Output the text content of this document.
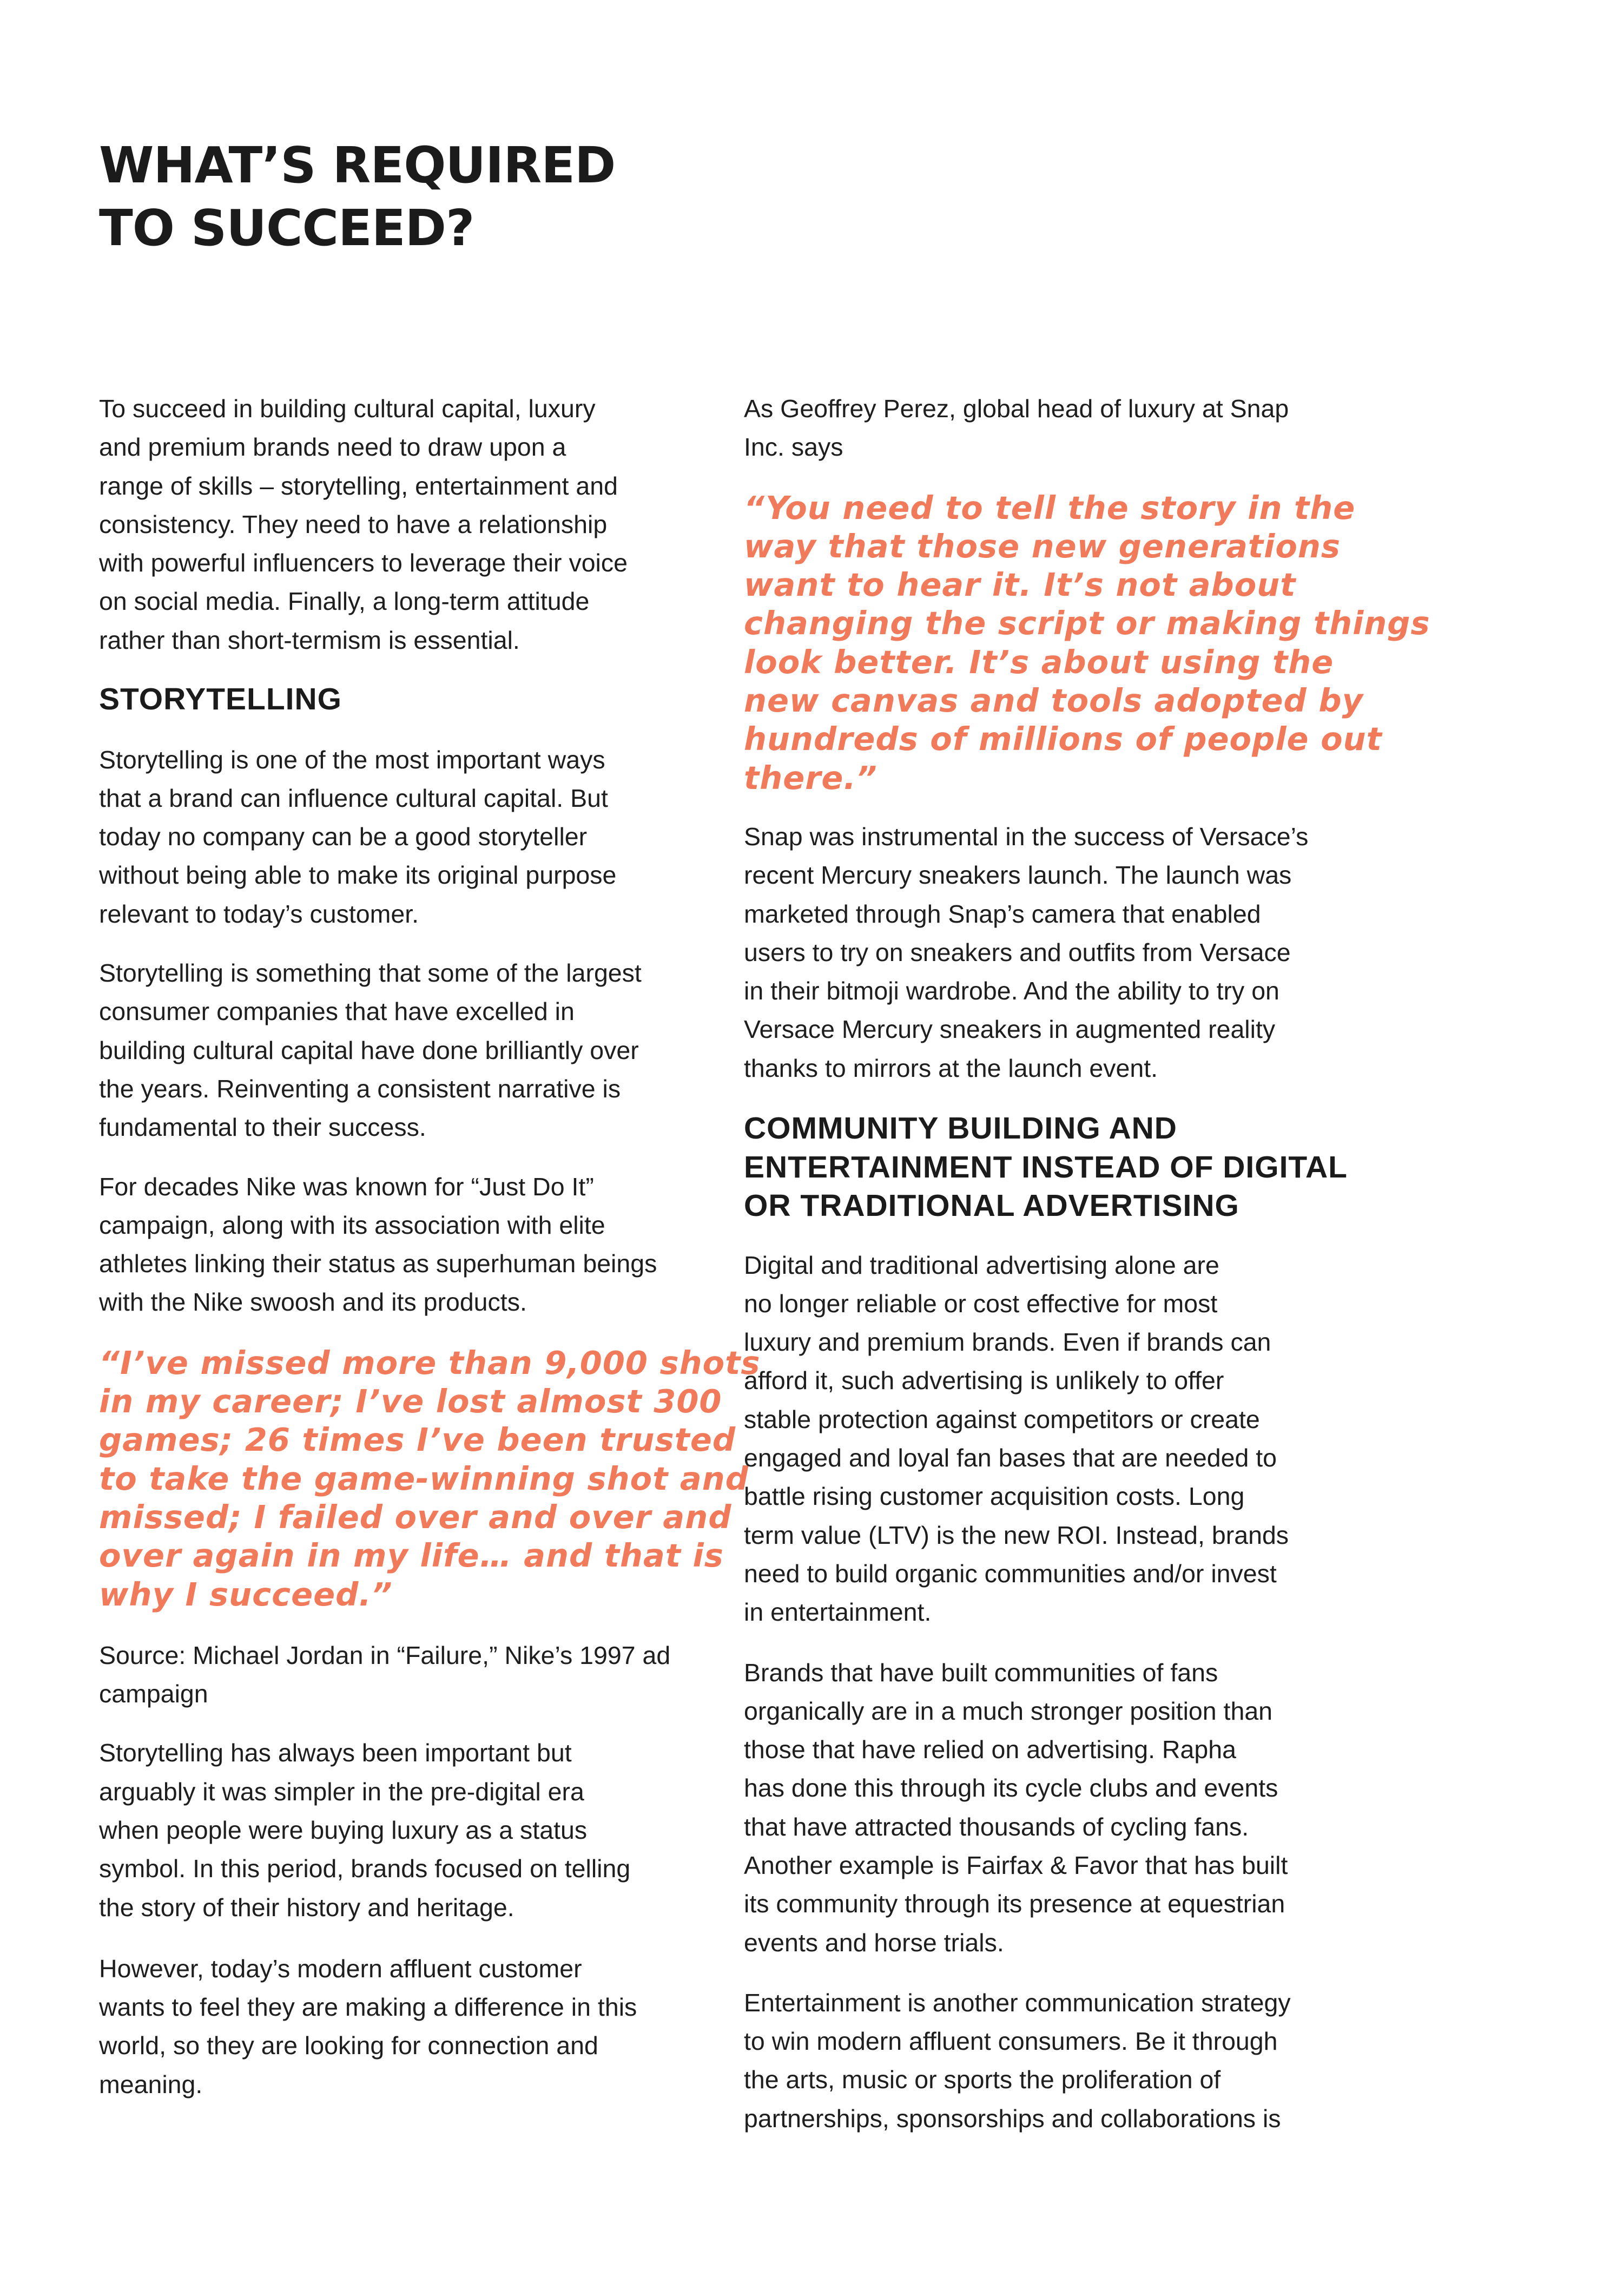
WHAT’S REQUIRED
TO SUCCEED?

To succeed in building cultural capital, luxury
and premium brands need to draw upon a
range of skills – storytelling, entertainment and
consistency. They need to have a relationship
with powerful influencers to leverage their voice
on social media. Finally, a long-term attitude
rather than short-termism is essential.

STORYTELLING

Storytelling is one of the most important ways
that a brand can influence cultural capital. But
today no company can be a good storyteller
without being able to make its original purpose
relevant to today’s customer.

Storytelling is something that some of the largest
consumer companies that have excelled in
building cultural capital have done brilliantly over
the years. Reinventing a consistent narrative is
fundamental to their success.

For decades Nike was known for “Just Do It”
campaign, along with its association with elite
athletes linking their status as superhuman beings
with the Nike swoosh and its products.

“I’ve missed more than 9,000 shots
in my career; I’ve lost almost 300
games; 26 times I’ve been trusted
to take the game-winning shot and
missed; I failed over and over and
over again in my life… and that is
why I succeed.”

Source: Michael Jordan in “Failure,” Nike’s 1997 ad
campaign

Storytelling has always been important but
arguably it was simpler in the pre-digital era
when people were buying luxury as a status
symbol. In this period, brands focused on telling
the story of their history and heritage.

However, today’s modern affluent customer
wants to feel they are making a difference in this
world, so they are looking for connection and
meaning.

As Geoffrey Perez, global head of luxury at Snap
Inc. says

“You need to tell the story in the
way that those new generations
want to hear it. It’s not about
changing the script or making things
look better. It’s about using the
new canvas and tools adopted by
hundreds of millions of people out
there.”

Snap was instrumental in the success of Versace’s
recent Mercury sneakers launch. The launch was
marketed through Snap’s camera that enabled
users to try on sneakers and outfits from Versace
in their bitmoji wardrobe. And the ability to try on
Versace Mercury sneakers in augmented reality
thanks to mirrors at the launch event.

COMMUNITY BUILDING AND
ENTERTAINMENT INSTEAD OF DIGITAL
OR TRADITIONAL ADVERTISING

Digital and traditional advertising alone are
no longer reliable or cost effective for most
luxury and premium brands. Even if brands can
afford it, such advertising is unlikely to offer
stable protection against competitors or create
engaged and loyal fan bases that are needed to
battle rising customer acquisition costs. Long
term value (LTV) is the new ROI. Instead, brands
need to build organic communities and/or invest
in entertainment.

Brands that have built communities of fans
organically are in a much stronger position than
those that have relied on advertising. Rapha
has done this through its cycle clubs and events
that have attracted thousands of cycling fans.
Another example is Fairfax & Favor that has built
its community through its presence at equestrian
events and horse trials.

Entertainment is another communication strategy
to win modern affluent consumers. Be it through
the arts, music or sports the proliferation of
partnerships, sponsorships and collaborations is
